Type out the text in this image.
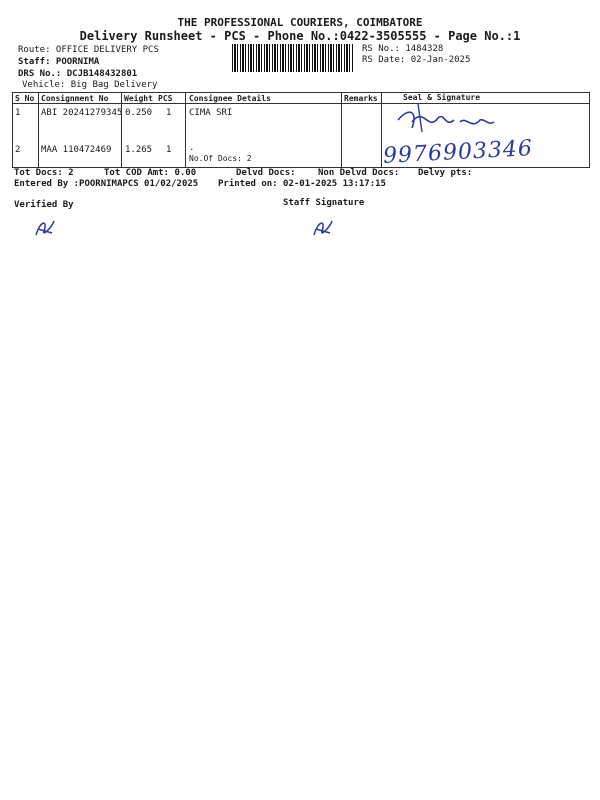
THE PROFESSIONAL COURIERS, COIMBATORE
Delivery Runsheet - PCS - Phone No.:0422-3505555 - Page No.:1
Route: OFFICE DELIVERY PCS
Staff: POORNIMA
DRS No.: DCJB148432801
Vehicle: Big Bag Delivery
RS No.: 1484328
RS Date: 02-Jan-2025
S No Consignment No Weight PCS Consignee Details	Remarks	Seal & Signature
1 ABI 20241279345 0.250 1 CIMA SRI
2 MAA 110472469 1.265 1 .
No.Of Docs: 2	9976903346
Tot Docs: 2	Tot COD Amt: 0.00	Delvd Docs: Non Delvd Docs: Delvy pts:
Entered By :POORNIMAPCS 01/02/2025 Printed on: 02-01-2025 13:17:15
Verified By	Staff Signature
